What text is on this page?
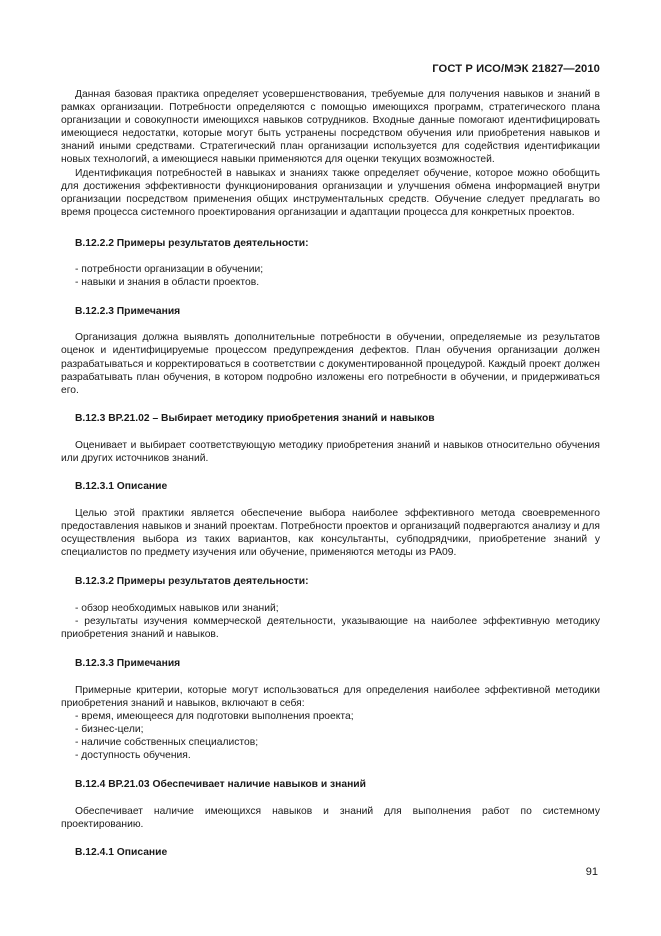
ГОСТ Р ИСО/МЭК 21827—2010

Данная базовая практика определяет усовершенствования, требуемые для получения навыков и знаний в рамках организации. Потребности определяются с помощью имеющихся программ, стратегического плана организации и совокупности имеющихся навыков сотрудников. Входные данные помогают идентифицировать имеющиеся недостатки, которые могут быть устранены посредством обучения или приобретения навыков и знаний иными средствами. Стратегический план организации используется для содействия идентификации новых технологий, а имеющиеся навыки применяются для оценки текущих возможностей.

Идентификация потребностей в навыках и знаниях также определяет обучение, которое можно обобщить для достижения эффективности функционирования организации и улучшения обмена информацией внутри организации посредством применения общих инструментальных средств. Обучение следует предлагать во время процесса системного проектирования организации и адаптации процесса для конкретных проектов.

В.12.2.2 Примеры результатов деятельности:

- потребности организации в обучении;

- навыки и знания в области проектов.

В.12.2.3 Примечания

Организация должна выявлять дополнительные потребности в обучении, определяемые из результатов оценок и идентифицируемые процессом предупреждения дефектов. План обучения организации должен разрабатываться и корректироваться в соответствии с документированной процедурой. Каждый проект должен разрабатывать план обучения, в котором подробно изложены его потребности в обучении, и придерживаться его.

В.12.3 ВР.21.02 – Выбирает методику приобретения знаний и навыков

Оценивает и выбирает соответствующую методику приобретения знаний и навыков относительно обучения или других источников знаний.

В.12.3.1 Описание

Целью этой практики является обеспечение выбора наиболее эффективного метода своевременного предоставления навыков и знаний проектам. Потребности проектов и организаций подвергаются анализу и для осуществления выбора из таких вариантов, как консультанты, субподрядчики, приобретение знаний у специалистов по предмету изучения или обучение, применяются методы из РА09.

В.12.3.2 Примеры результатов деятельности:

- обзор необходимых навыков или знаний;

- результаты изучения коммерческой деятельности, указывающие на наиболее эффективную методику приобретения знаний и навыков.

В.12.3.3 Примечания

Примерные критерии, которые могут использоваться для определения наиболее эффективной методики приобретения знаний и навыков, включают в себя:

- время, имеющееся для подготовки выполнения проекта;

- бизнес-цели;

- наличие собственных специалистов;

- доступность обучения.

В.12.4 ВР.21.03 Обеспечивает наличие навыков и знаний

Обеспечивает наличие имеющихся навыков и знаний для выполнения работ по системному проектированию.

В.12.4.1 Описание

91
